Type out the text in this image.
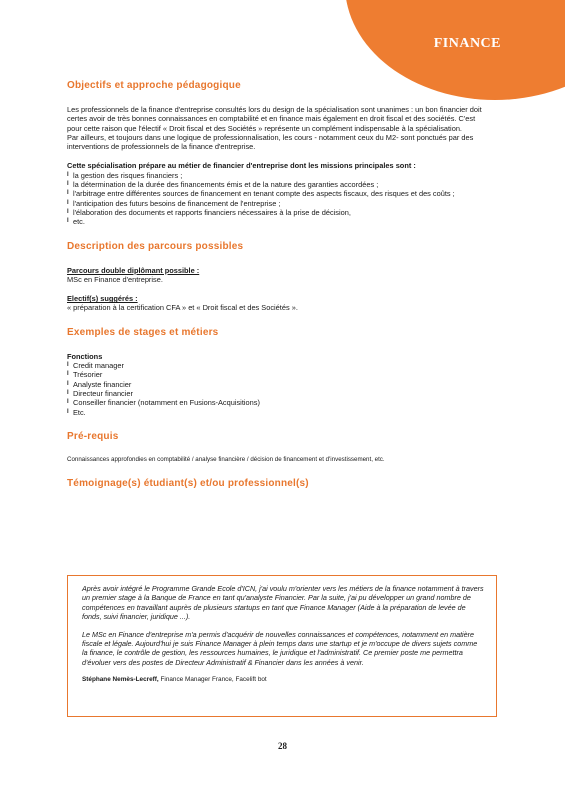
FINANCE
Objectifs et approche pédagogique

Les professionnels de la finance d'entreprise consultés lors du design de la spécialisation sont unanimes : un bon financier doit certes avoir de très bonnes connaissances en comptabilité et en finance mais également en droit fiscal et des sociétés. C'est pour cette raison que l'électif « Droit fiscal et des Sociétés » représente un complément indispensable à la spécialisation.

Par ailleurs, et toujours dans une logique de professionnalisation, les cours - notamment ceux du M2- sont ponctués par des interventions de professionnels de la finance d'entreprise.

Cette spécialisation prépare au métier de financier d'entreprise dont les missions principales sont :

l la gestion des risques financiers ;
l la détermination de la durée des financements émis et de la nature des garanties accordées ;
l l'arbitrage entre différentes sources de financement en tenant compte des aspects fiscaux, des risques et des coûts ;
l l'anticipation des futurs besoins de financement de l'entreprise ;
l l'élaboration des documents et rapports financiers nécessaires à la prise de décision,
l etc.
Description des parcours possibles

Parcours double diplômant possible :

MSc en Finance d'entreprise.

Electif(s) suggérés :

« préparation à la certification CFA » et « Droit fiscal et des Sociétés ».

Exemples de stages et métiers

Fonctions

l Credit manager
l Trésorier
l Analyste financier
l Directeur financier
l Conseiller financier (notamment en Fusions-Acquisitions)
l Etc.
Pré-requis

Connaissances approfondies en comptabilité / analyse financière / décision de financement et d'investissement, etc.

Témoignage(s) étudiant(s) et/ou professionnel(s)

Après avoir intégré le Programme Grande Ecole d'ICN, j'ai voulu m'orienter vers les métiers de la finance notamment à travers un premier stage à la Banque de France en tant qu'analyste Financier. Par la suite, j'ai pu développer un grand nombre de compétences en travaillant auprès de plusieurs startups en tant que Finance Manager (Aide à la préparation de levée de fonds, suivi financier, juridique ...).

Le MSc en Finance d'entreprise m'a permis d'acquérir de nouvelles connaissances et compétences, notamment en matière fiscale et légale. Aujourd'hui je suis Finance Manager à plein temps dans une startup et je m'occupe de divers sujets comme la finance, le contrôle de gestion, les ressources humaines, le juridique et l'administratif. Ce premier poste me permettra d'évoluer vers des postes de Directeur Administratif & Financier dans les années à venir.

Stéphane Nemès-Lecreff, Finance Manager France, Facelift bot

28
